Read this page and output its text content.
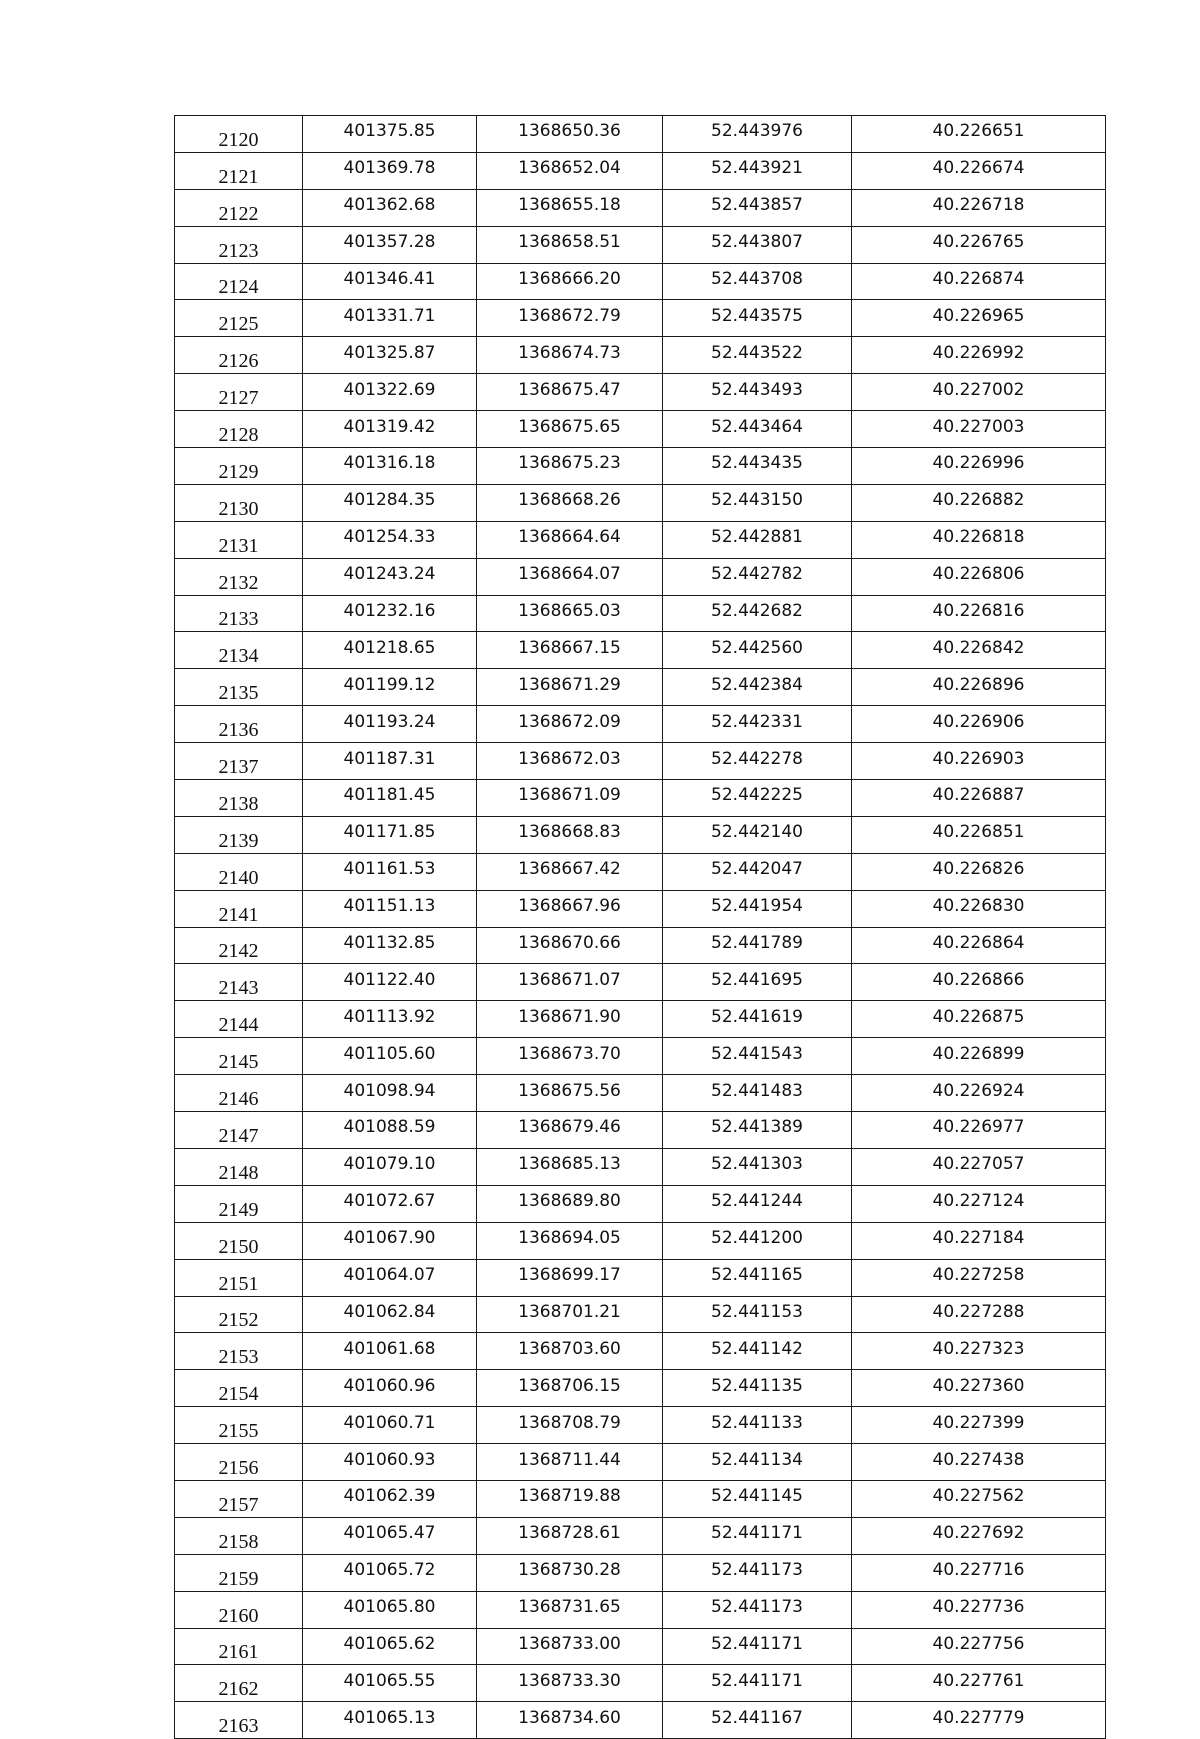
2120	401375.85	1368650.36	52.443976	40.226651
2121	401369.78	1368652.04	52.443921	40.226674
2122	401362.68	1368655.18	52.443857	40.226718
2123	401357.28	1368658.51	52.443807	40.226765
2124	401346.41	1368666.20	52.443708	40.226874
2125	401331.71	1368672.79	52.443575	40.226965
2126	401325.87	1368674.73	52.443522	40.226992
2127	401322.69	1368675.47	52.443493	40.227002
2128	401319.42	1368675.65	52.443464	40.227003
2129	401316.18	1368675.23	52.443435	40.226996
2130	401284.35	1368668.26	52.443150	40.226882
2131	401254.33	1368664.64	52.442881	40.226818
2132	401243.24	1368664.07	52.442782	40.226806
2133	401232.16	1368665.03	52.442682	40.226816
2134	401218.65	1368667.15	52.442560	40.226842
2135	401199.12	1368671.29	52.442384	40.226896
2136	401193.24	1368672.09	52.442331	40.226906
2137	401187.31	1368672.03	52.442278	40.226903
2138	401181.45	1368671.09	52.442225	40.226887
2139	401171.85	1368668.83	52.442140	40.226851
2140	401161.53	1368667.42	52.442047	40.226826
2141	401151.13	1368667.96	52.441954	40.226830
2142	401132.85	1368670.66	52.441789	40.226864
2143	401122.40	1368671.07	52.441695	40.226866
2144	401113.92	1368671.90	52.441619	40.226875
2145	401105.60	1368673.70	52.441543	40.226899
2146	401098.94	1368675.56	52.441483	40.226924
2147	401088.59	1368679.46	52.441389	40.226977
2148	401079.10	1368685.13	52.441303	40.227057
2149	401072.67	1368689.80	52.441244	40.227124
2150	401067.90	1368694.05	52.441200	40.227184
2151	401064.07	1368699.17	52.441165	40.227258
2152	401062.84	1368701.21	52.441153	40.227288
2153	401061.68	1368703.60	52.441142	40.227323
2154	401060.96	1368706.15	52.441135	40.227360
2155	401060.71	1368708.79	52.441133	40.227399
2156	401060.93	1368711.44	52.441134	40.227438
2157	401062.39	1368719.88	52.441145	40.227562
2158	401065.47	1368728.61	52.441171	40.227692
2159	401065.72	1368730.28	52.441173	40.227716
2160	401065.80	1368731.65	52.441173	40.227736
2161	401065.62	1368733.00	52.441171	40.227756
2162	401065.55	1368733.30	52.441171	40.227761
2163	401065.13	1368734.60	52.441167	40.227779
